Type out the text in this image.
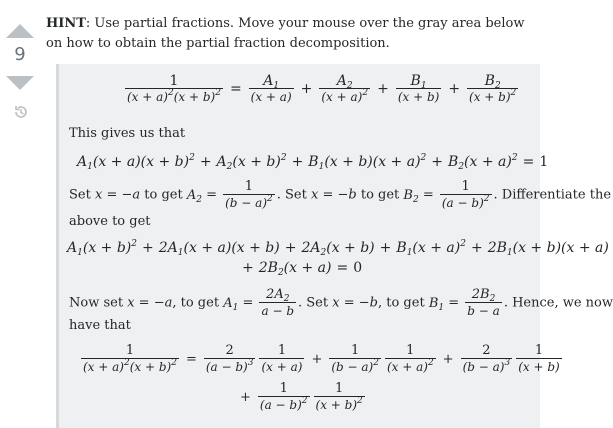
9
HINT: Use partial fractions. Move your mouse over the gray area below on how to obtain the partial fraction decomposition.
$\frac{1}{(x + a)^2(x + b)^2} = \frac{A_1}{(x + a)} + \frac{A_2}{(x + a)^2} + \frac{B_1}{(x + b)} + \frac{B_2}{(x + b)^2}$
This gives us that
$A_1(x + a)(x + b)^2 + A_2(x + b)^2 + B_1(x + b)(x + a)^2 + B_2(x + a)^2 = 1$
Set x = −a to get $A_2 = \frac{1}{(b - a)^2}$ . Set x = −b to get $B_2 = \frac{1}{(a - b)^2}$ . Differentiate the
above to get
$A_1(x + b)^2 + 2A_1(x + a)(x + b) + 2A_2(x + b) + B_1(x + a)^2 + 2B_1(x + b)(x + a)$
+ $2B_2(x + a) = 0$
Now set x = −a, to get $A_1 = \frac{2A_2}{a - b}$ . Set x = −b, to get $B_1 = \frac{2B_2}{b - a}$ . Hence, we now
have that
$\frac{1}{(x + a)^2(x + b)^2} = \frac{2}{(a - b)^3} \frac{1}{(x + a)} + \frac{1}{(b - a)^2} \frac{1}{(x + a)^2} + \frac{2}{(b - a)^3} \frac{1}{(x + b)}$
+ $\frac{1}{(a - b)^2} \frac{1}{(x + b)^2}$
